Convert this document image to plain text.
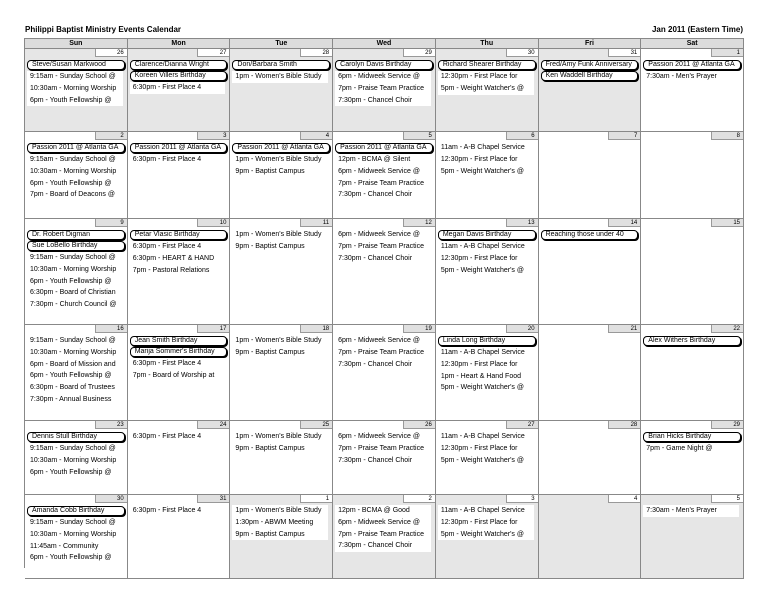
Philippi Baptist Ministry Events Calendar	Jan 2011 (Eastern Time)
Sun	Mon	Tue	Wed	Thu	Fri	Sat
26
Steve/Susan Markwood
9:15am - Sunday School @
10:30am - Morning Worship
6pm - Youth Fellowship @
27
Clarence/Dianna Wright
Koreen Villers Birthday
6:30pm - First Place 4
28
Don/Barbara Smith
1pm - Women's Bible Study
29
Carolyn Davis Birthday
6pm - Midweek Service @
7pm - Praise Team Practice
7:30pm - Chancel Choir
30
Richard Shearer Birthday
12:30pm - First Place for
5pm - Weight Watcher's @
31
Fred/Amy Funk Anniversary
Ken Waddell Birthday
1
Passion 2011 @ Atlanta GA
7:30am - Men's Prayer
2
Passion 2011 @ Atlanta GA
9:15am - Sunday School @
10:30am - Morning Worship
6pm - Youth Fellowship @
7pm - Board of Deacons @
3
Passion 2011 @ Atlanta GA
6:30pm - First Place 4
4
Passion 2011 @ Atlanta GA
1pm - Women's Bible Study
9pm - Baptist Campus
5
Passion 2011 @ Atlanta GA
12pm - BCMA @ Silent
6pm - Midweek Service @
7pm - Praise Team Practice
7:30pm - Chancel Choir
6
11am - A-B Chapel Service
12:30pm - First Place for
5pm - Weight Watcher's @
7	8
9
Dr. Robert Digman
Sue LoBello Birthday
9:15am - Sunday School @
10:30am - Morning Worship
6pm - Youth Fellowship @
6:30pm - Board of Christian
7:30pm - Church Council @
10
Petar Vlasic Birthday
6:30pm - First Place 4
6:30pm - HEART & HAND
7pm - Pastoral Relations
11
1pm - Women's Bible Study
9pm - Baptist Campus
12
6pm - Midweek Service @
7pm - Praise Team Practice
7:30pm - Chancel Choir
13
Megan Davis Birthday
11am - A-B Chapel Service
12:30pm - First Place for
5pm - Weight Watcher's @
14
Reaching those under 40
15
16
9:15am - Sunday School @
10:30am - Morning Worship
6pm - Board of Mission and
6pm - Youth Fellowship @
6:30pm - Board of Trustees
7:30pm - Annual Business
17
Jean Smith Birthday
Marija Sommer's Birthday
6:30pm - First Place 4
7pm - Board of Worship at
18
1pm - Women's Bible Study
9pm - Baptist Campus
19
6pm - Midweek Service @
7pm - Praise Team Practice
7:30pm - Chancel Choir
20
Linda Long Birthday
11am - A-B Chapel Service
12:30pm - First Place for
1pm - Heart & Hand Food
5pm - Weight Watcher's @
21	22
Alex Withers Birthday
23
Dennis Stull Birthday
9:15am - Sunday School @
10:30am - Morning Worship
6pm - Youth Fellowship @
24
6:30pm - First Place 4
25
1pm - Women's Bible Study
9pm - Baptist Campus
26
6pm - Midweek Service @
7pm - Praise Team Practice
7:30pm - Chancel Choir
27
11am - A-B Chapel Service
12:30pm - First Place for
5pm - Weight Watcher's @
28	29
Brian Hicks Birthday
7pm - Game Night @
30
Amanda Cobb Birthday
9:15am - Sunday School @
10:30am - Morning Worship
11:45am - Community
6pm - Youth Fellowship @
31
6:30pm - First Place 4
1
1pm - Women's Bible Study
1:30pm - ABWM Meeting
9pm - Baptist Campus
2
12pm - BCMA @ Good
6pm - Midweek Service @
7pm - Praise Team Practice
7:30pm - Chancel Choir
3
11am - A-B Chapel Service
12:30pm - First Place for
5pm - Weight Watcher's @
4	5
7:30am - Men's Prayer
